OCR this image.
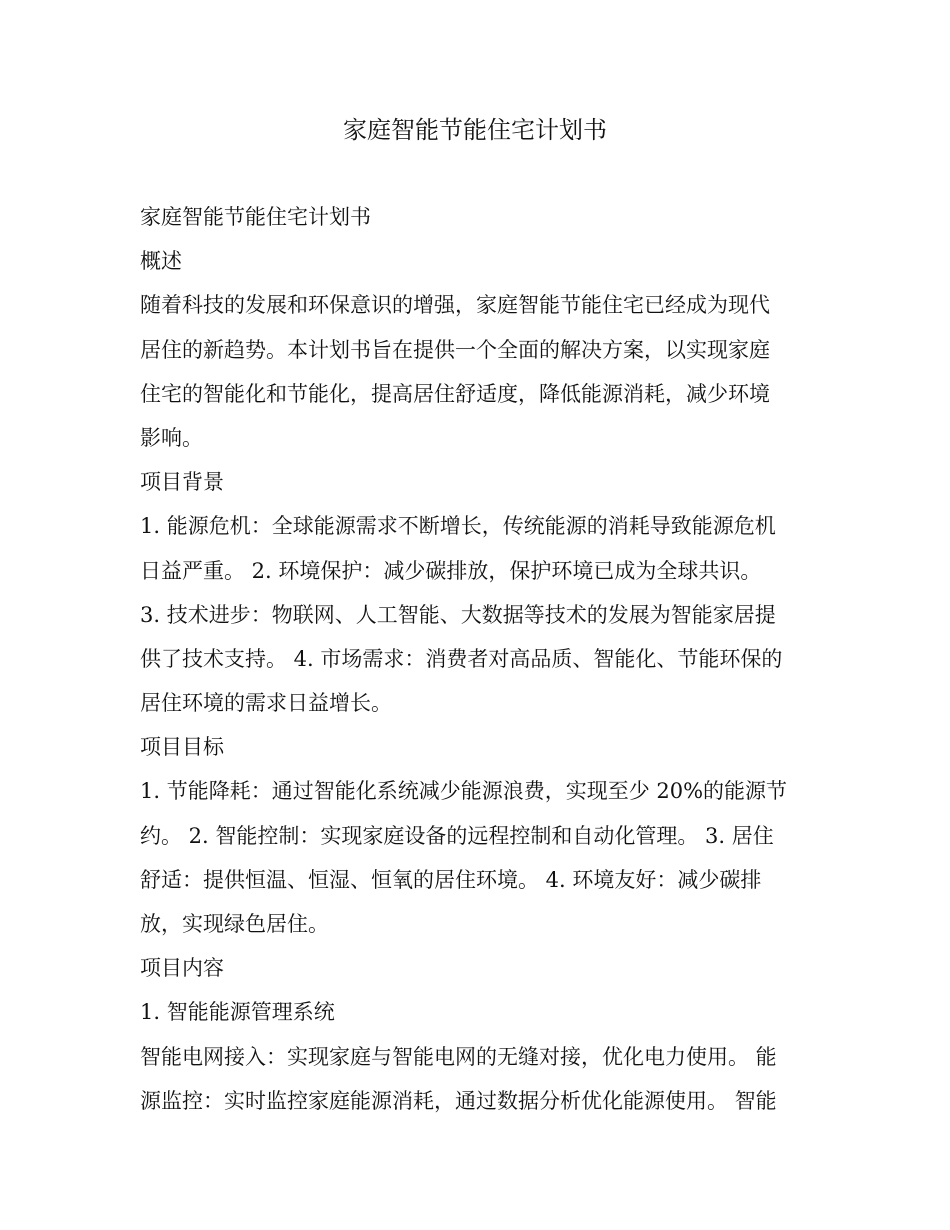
家庭智能节能住宅计划书

家庭智能节能住宅计划书

概述

随着科技的发展和环保意识的增强，家庭智能节能住宅已经成为现代

居住的新趋势。本计划书旨在提供一个全面的解决方案，以实现家庭

住宅的智能化和节能化，提高居住舒适度，降低能源消耗，减少环境

影响。

项目背景

1. 能源危机：全球能源需求不断增长，传统能源的消耗导致能源危机

日益严重。 2. 环境保护：减少碳排放，保护环境已成为全球共识。

3. 技术进步：物联网、人工智能、大数据等技术的发展为智能家居提

供了技术支持。 4. 市场需求：消费者对高品质、智能化、节能环保的

居住环境的需求日益增长。

项目目标

1. 节能降耗：通过智能化系统减少能源浪费，实现至少 20%的能源节

约。 2. 智能控制：实现家庭设备的远程控制和自动化管理。 3. 居住

舒适：提供恒温、恒湿、恒氧的居住环境。 4. 环境友好：减少碳排

放，实现绿色居住。

项目内容

1. 智能能源管理系统

智能电网接入：实现家庭与智能电网的无缝对接，优化电力使用。 能

源监控：实时监控家庭能源消耗，通过数据分析优化能源使用。 智能
